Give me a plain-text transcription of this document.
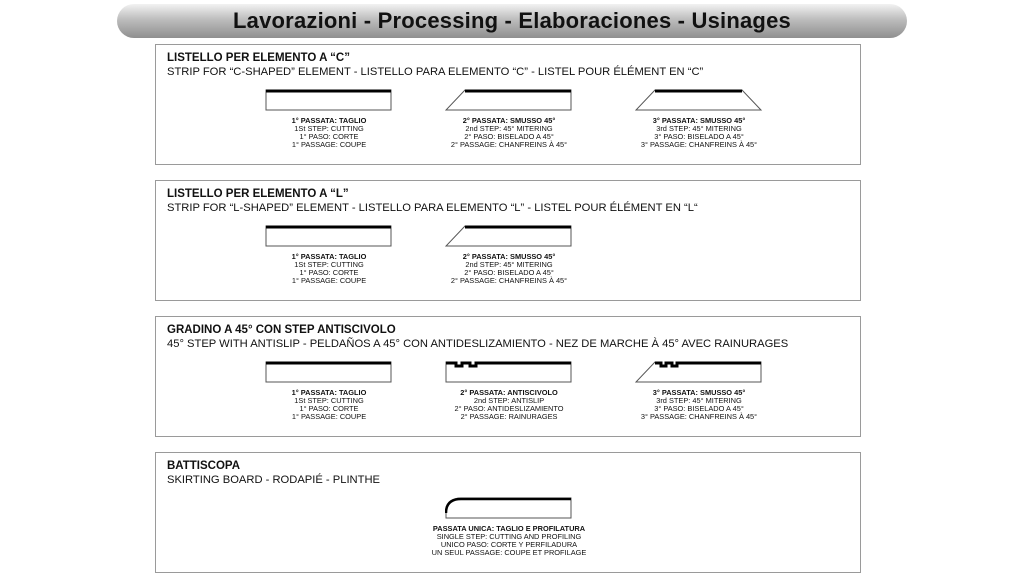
Lavorazioni - Processing - Elaboraciones - Usinages
LISTELLO PER ELEMENTO A “C”
STRIP FOR “C-SHAPED” ELEMENT - LISTELLO PARA ELEMENTO “C” - LISTEL POUR ÉLÉMENT EN “C”
1° PASSATA: TAGLIO
1St STEP: CUTTING
1° PASO: CORTE
1° PASSAGE: COUPE
2° PASSATA: SMUSSO 45°
2nd STEP: 45° MITERING
2° PASO: BISELADO A 45°
2° PASSAGE: CHANFREINS À 45°
3° PASSATA: SMUSSO 45°
3rd STEP: 45° MITERING
3° PASO: BISELADO A 45°
3° PASSAGE: CHANFREINS À 45°
LISTELLO PER ELEMENTO A “L”
STRIP FOR “L-SHAPED” ELEMENT - LISTELLO PARA ELEMENTO “L” - LISTEL POUR ÉLÉMENT EN “L“
1° PASSATA: TAGLIO
1St STEP: CUTTING
1° PASO: CORTE
1° PASSAGE: COUPE
2° PASSATA: SMUSSO 45°
2nd STEP: 45° MITERING
2° PASO: BISELADO A 45°
2° PASSAGE: CHANFREINS À 45°
GRADINO A 45° CON STEP ANTISCIVOLO
45° STEP WITH ANTISLIP - PELDAÑOS A 45° CON ANTIDESLIZAMIENTO - NEZ DE MARCHE À 45° AVEC RAINURAGES
1° PASSATA: TAGLIO
1St STEP: CUTTING
1° PASO: CORTE
1° PASSAGE: COUPE
2° PASSATA: ANTISCIVOLO
2nd STEP: ANTISLIP
2° PASO: ANTIDESLIZAMIENTO
2° PASSAGE: RAINURAGES
3° PASSATA: SMUSSO 45°
3rd STEP: 45° MITERING
3° PASO: BISELADO A 45°
3° PASSAGE: CHANFREINS À 45°
BATTISCOPA
SKIRTING BOARD - RODAPIÉ - PLINTHE
PASSATA UNICA: TAGLIO E PROFILATURA
SINGLE STEP: CUTTING AND PROFILING
UNICO PASO: CORTE Y PERFILADURA
UN SEUL PASSAGE: COUPE ET PROFILAGE
